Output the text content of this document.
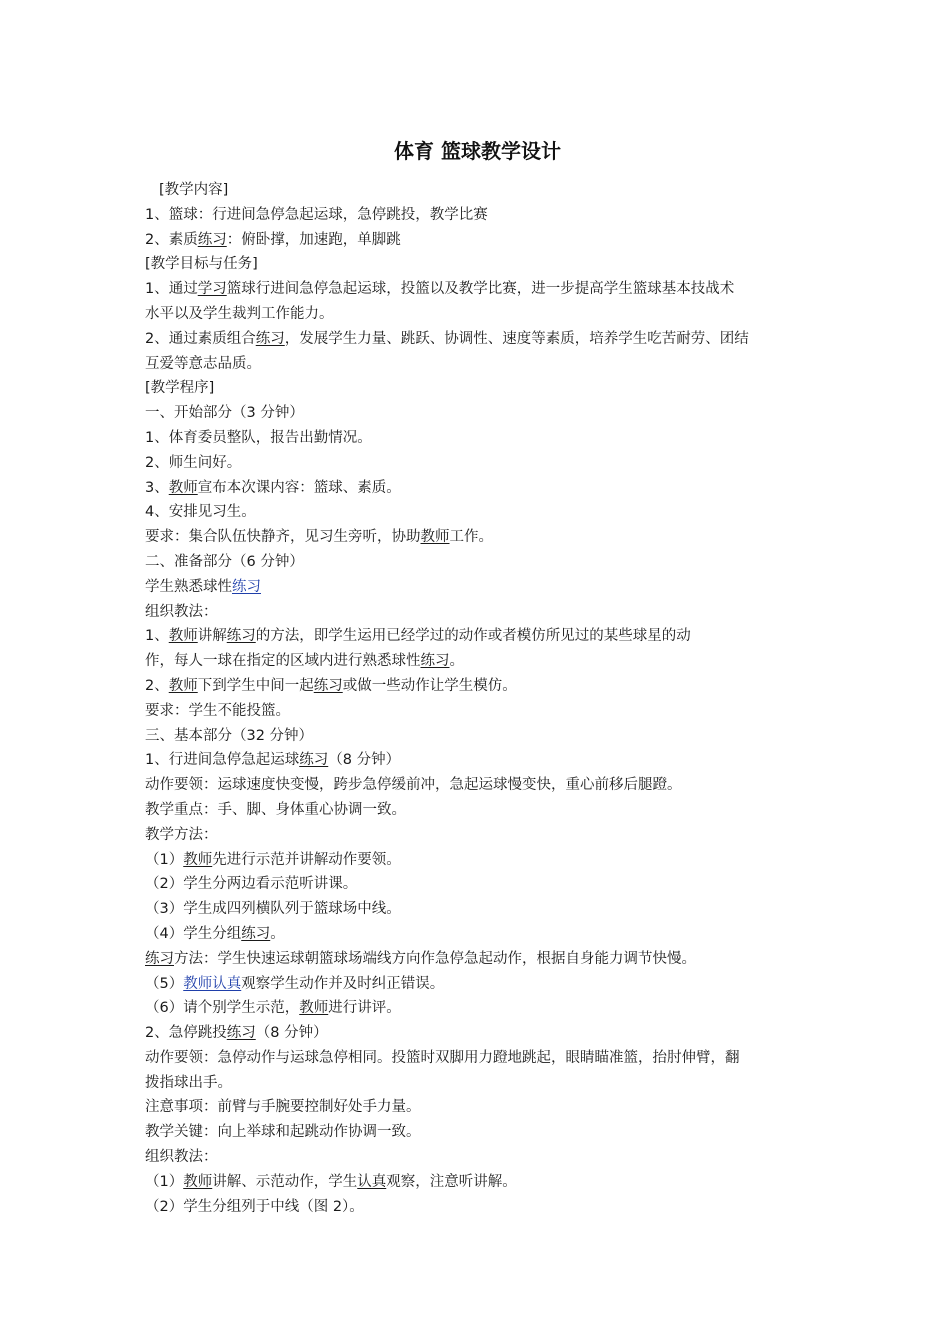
体育 篮球教学设计
[教学内容]
1、篮球：行进间急停急起运球，急停跳投，教学比赛
2、素质练习：俯卧撑，加速跑，单脚跳
[教学目标与任务]
1、通过学习篮球行进间急停急起运球，投篮以及教学比赛，进一步提高学生篮球基本技战术
水平以及学生裁判工作能力。
2、通过素质组合练习，发展学生力量、跳跃、协调性、速度等素质，培养学生吃苦耐劳、团结
互爱等意志品质。
[教学程序]
一、开始部分（3 分钟）
1、体育委员整队，报告出勤情况。
2、师生问好。
3、教师宣布本次课内容：篮球、素质。
4、安排见习生。
要求：集合队伍快静齐，见习生旁听，协助教师工作。
二、准备部分（6 分钟）
学生熟悉球性练习
组织教法：
1、教师讲解练习的方法，即学生运用已经学过的动作或者模仿所见过的某些球星的动
作，每人一球在指定的区域内进行熟悉球性练习。
2、教师下到学生中间一起练习或做一些动作让学生模仿。
要求：学生不能投篮。
三、基本部分（32 分钟）
1、行进间急停急起运球练习（8 分钟）
动作要领：运球速度快变慢，跨步急停缓前冲，急起运球慢变快，重心前移后腿蹬。
教学重点：手、脚、身体重心协调一致。
教学方法：
（1）教师先进行示范并讲解动作要领。
（2）学生分两边看示范听讲课。
（3）学生成四列横队列于篮球场中线。
（4）学生分组练习。
练习方法：学生快速运球朝篮球场端线方向作急停急起动作，根据自身能力调节快慢。
（5）教师认真观察学生动作并及时纠正错误。
（6）请个别学生示范，教师进行讲评。
2、急停跳投练习（8 分钟）
动作要领：急停动作与运球急停相同。投篮时双脚用力蹬地跳起，眼睛瞄准篮，抬肘伸臂，翻
拨指球出手。
注意事项：前臂与手腕要控制好处手力量。
教学关键：向上举球和起跳动作协调一致。
组织教法：
（1）教师讲解、示范动作，学生认真观察，注意听讲解。
（2）学生分组列于中线（图 2）。
